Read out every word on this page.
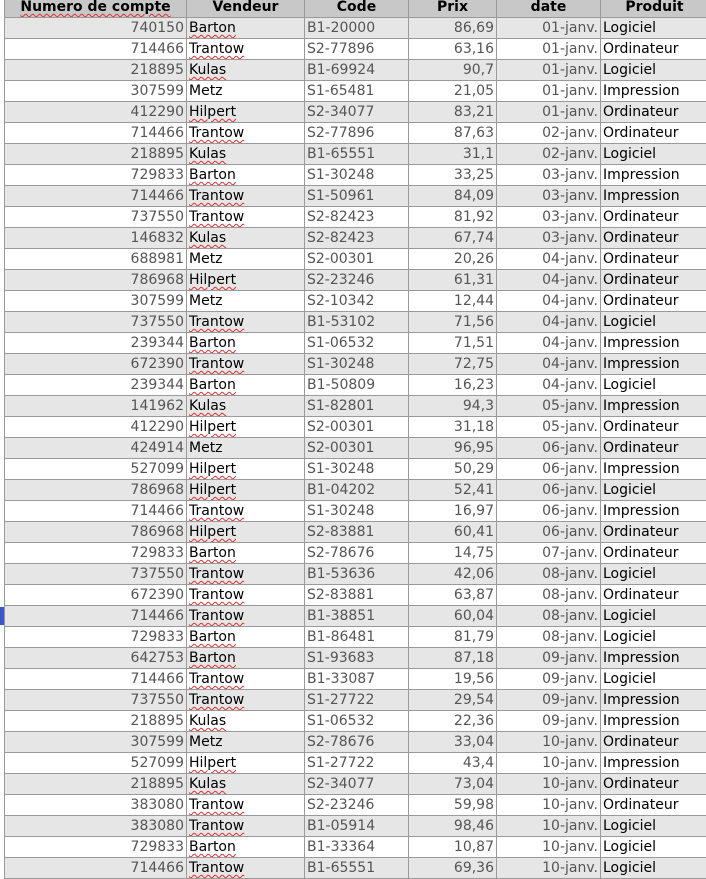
Numero de compte	Vendeur	Code	Prix	date	Produit
740150	Barton	B1-20000	86,69	01-janv.	Logiciel
714466	Trantow	S2-77896	63,16	01-janv.	Ordinateur
218895	Kulas	B1-69924	90,7	01-janv.	Logiciel
307599	Metz	S1-65481	21,05	01-janv.	Impression
412290	Hilpert	S2-34077	83,21	01-janv.	Ordinateur
714466	Trantow	S2-77896	87,63	02-janv.	Ordinateur
218895	Kulas	B1-65551	31,1	02-janv.	Logiciel
729833	Barton	S1-30248	33,25	03-janv.	Impression
714466	Trantow	S1-50961	84,09	03-janv.	Impression
737550	Trantow	S2-82423	81,92	03-janv.	Ordinateur
146832	Kulas	S2-82423	67,74	03-janv.	Ordinateur
688981	Metz	S2-00301	20,26	04-janv.	Ordinateur
786968	Hilpert	S2-23246	61,31	04-janv.	Ordinateur
307599	Metz	S2-10342	12,44	04-janv.	Ordinateur
737550	Trantow	B1-53102	71,56	04-janv.	Logiciel
239344	Barton	S1-06532	71,51	04-janv.	Impression
672390	Trantow	S1-30248	72,75	04-janv.	Impression
239344	Barton	B1-50809	16,23	04-janv.	Logiciel
141962	Kulas	S1-82801	94,3	05-janv.	Impression
412290	Hilpert	S2-00301	31,18	05-janv.	Ordinateur
424914	Metz	S2-00301	96,95	06-janv.	Ordinateur
527099	Hilpert	S1-30248	50,29	06-janv.	Impression
786968	Hilpert	B1-04202	52,41	06-janv.	Logiciel
714466	Trantow	S1-30248	16,97	06-janv.	Impression
786968	Hilpert	S2-83881	60,41	06-janv.	Ordinateur
729833	Barton	S2-78676	14,75	07-janv.	Ordinateur
737550	Trantow	B1-53636	42,06	08-janv.	Logiciel
672390	Trantow	S2-83881	63,87	08-janv.	Ordinateur
714466	Trantow	B1-38851	60,04	08-janv.	Logiciel
729833	Barton	B1-86481	81,79	08-janv.	Logiciel
642753	Barton	S1-93683	87,18	09-janv.	Impression
714466	Trantow	B1-33087	19,56	09-janv.	Logiciel
737550	Trantow	S1-27722	29,54	09-janv.	Impression
218895	Kulas	S1-06532	22,36	09-janv.	Impression
307599	Metz	S2-78676	33,04	10-janv.	Ordinateur
527099	Hilpert	S1-27722	43,4	10-janv.	Impression
218895	Kulas	S2-34077	73,04	10-janv.	Ordinateur
383080	Trantow	S2-23246	59,98	10-janv.	Ordinateur
383080	Trantow	B1-05914	98,46	10-janv.	Logiciel
729833	Barton	B1-33364	10,87	10-janv.	Logiciel
714466	Trantow	B1-65551	69,36	10-janv.	Logiciel
